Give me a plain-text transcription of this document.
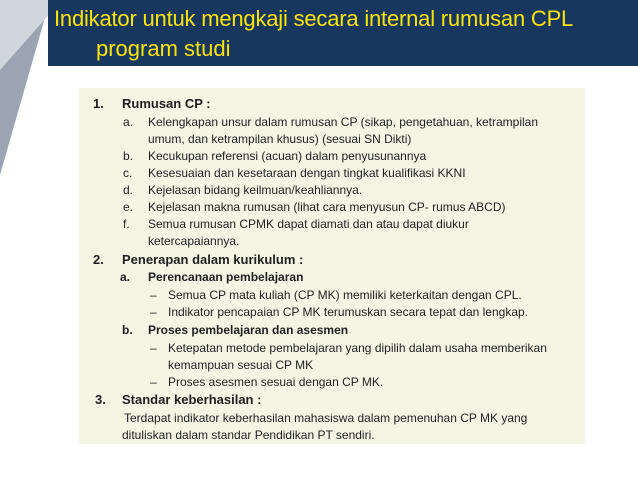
Indikator untuk mengkaji secara internal rumusan CPL
program studi
1. Rumusan CP :
a. Kelengkapan unsur dalam rumusan CP (sikap, pengetahuan, ketrampilan
umum, dan ketrampilan khusus) (sesuai SN Dikti)
b. Kecukupan referensi (acuan) dalam penyusunannya
c. Kesesuaian dan kesetaraan dengan tingkat kualifikasi KKNI
d. Kejelasan bidang keilmuan/keahliannya.
e. Kejelasan makna rumusan (lihat cara menyusun CP- rumus ABCD)
f. Semua rumusan CPMK dapat diamati dan atau dapat diukur
ketercapaiannya.
2. Penerapan dalam kurikulum :
a. Perencanaan pembelajaran
– Semua CP mata kuliah (CP MK) memiliki keterkaitan dengan CPL.
– Indikator pencapaian CP MK terumuskan secara tepat dan lengkap.
b. Proses pembelajaran dan asesmen
– Ketepatan metode pembelajaran yang dipilih dalam usaha memberikan
kemampuan sesuai CP MK
– Proses asesmen sesuai dengan CP MK.
3. Standar keberhasilan :
Terdapat indikator keberhasilan mahasiswa dalam pemenuhan CP MK yang
dituliskan dalam standar Pendidikan PT sendiri.
